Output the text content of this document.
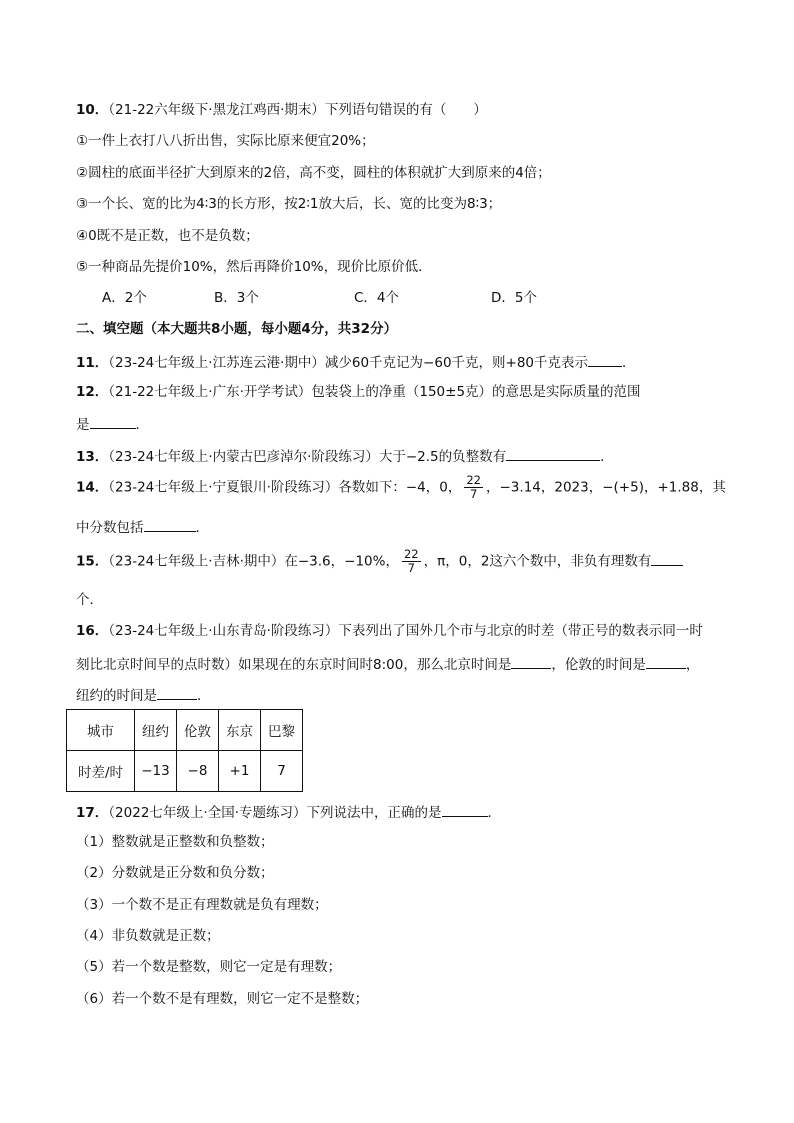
10．（21-22六年级下·黑龙江鸡西·期末）下列语句错误的有（　　）
①一件上衣打八八折出售，实际比原来便宜20%；
②圆柱的底面半径扩大到原来的2倍，高不变，圆柱的体积就扩大到原来的4倍；
③一个长、宽的比为4∶3的长方形，按2∶1放大后，长、宽的比变为8∶3；
④0既不是正数，也不是负数；
⑤一种商品先提价10%，然后再降价10%，现价比原价低．
A．2个	B．3个	C．4个	D．5个
二、填空题（本大题共8小题，每小题4分，共32分）
11．（23-24七年级上·江苏连云港·期中）减少60千克记为−60千克，则+80千克表示	．
12．（21-22七年级上·广东·开学考试）包装袋上的净重（150±5克）的意思是实际质量的范围
是	．
13．（23-24七年级上·内蒙古巴彦淖尔·阶段练习）大于−2.5的负整数有	．
14．（23-24七年级上·宁夏银川·阶段练习）各数如下：−4，0， $\frac{22}{7}$ ，−3.14，2023，−(+5)，+1.88，其
中分数包括	．
15．（23-24七年级上·吉林·期中）在−3.6，−10%， $\frac{22}{7}$ ，π，0，2这六个数中，非负有理数有
个．
16．（23-24七年级上·山东青岛·阶段练习）下表列出了国外几个市与北京的时差（带正号的数表示同一时
刻比北京时间早的点时数）如果现在的东京时间时8:00，那么北京时间是	，伦敦的时间是	，
纽约的时间是	．
城市	纽约	伦敦	东京	巴黎
时差/时	−13	−8	+1	7
17．（2022七年级上·全国·专题练习）下列说法中，正确的是	．
（1）整数就是正整数和负整数；
（2）分数就是正分数和负分数；
（3）一个数不是正有理数就是负有理数；
（4）非负数就是正数；
（5）若一个数是整数，则它一定是有理数；
（6）若一个数不是有理数，则它一定不是整数；
